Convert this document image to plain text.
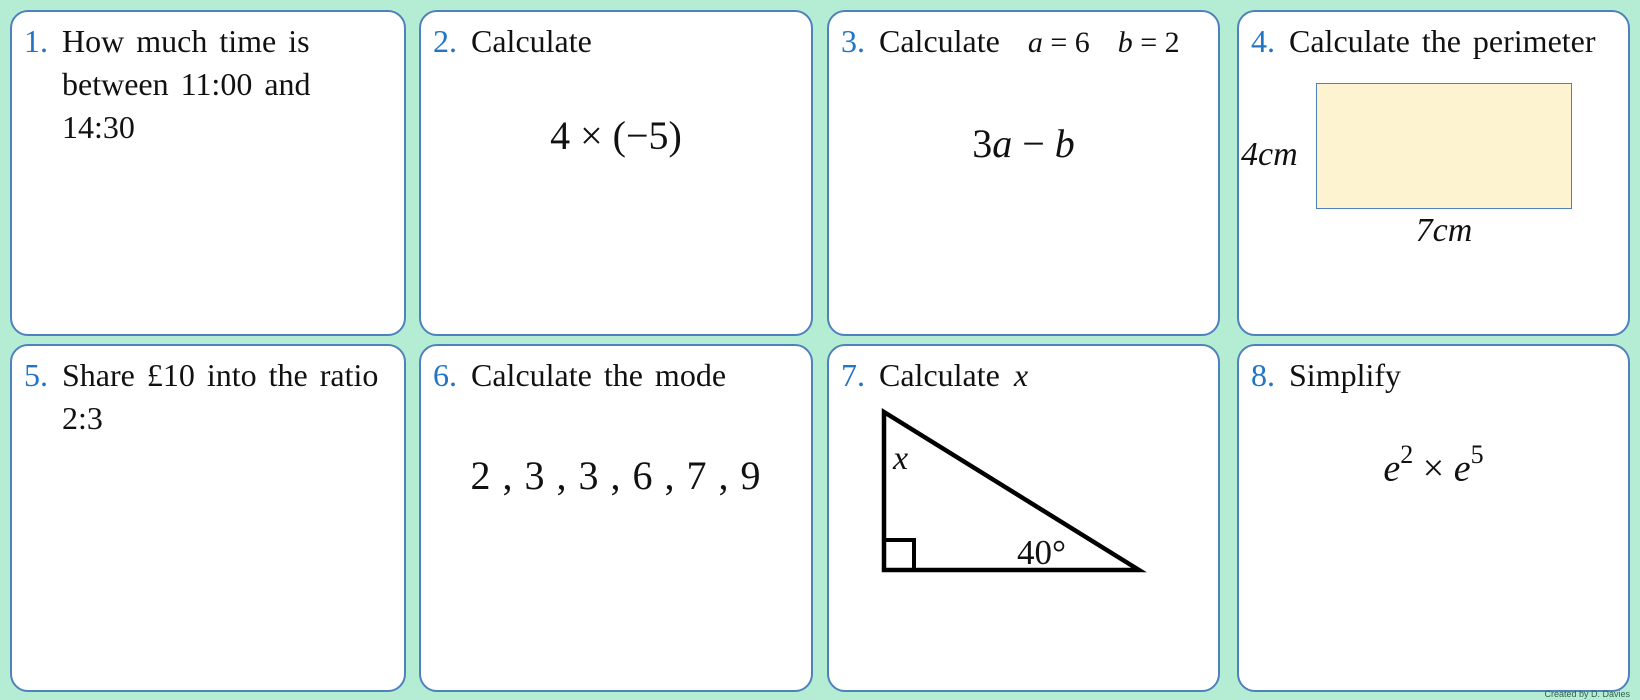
1. How much time is between 11:00 and 14:30
2. Calculate
4 × (−5)
3. Calculate a = 6 b = 2
3a − b
4. Calculate the perimeter
4cm
7cm
5. Share £10 into the ratio 2:3
6. Calculate the mode
2 , 3 , 3 , 6 , 7 , 9
7. Calculate x
x
40°
8. Simplify
$e^2 \times e^5$
Created by D. Davies
